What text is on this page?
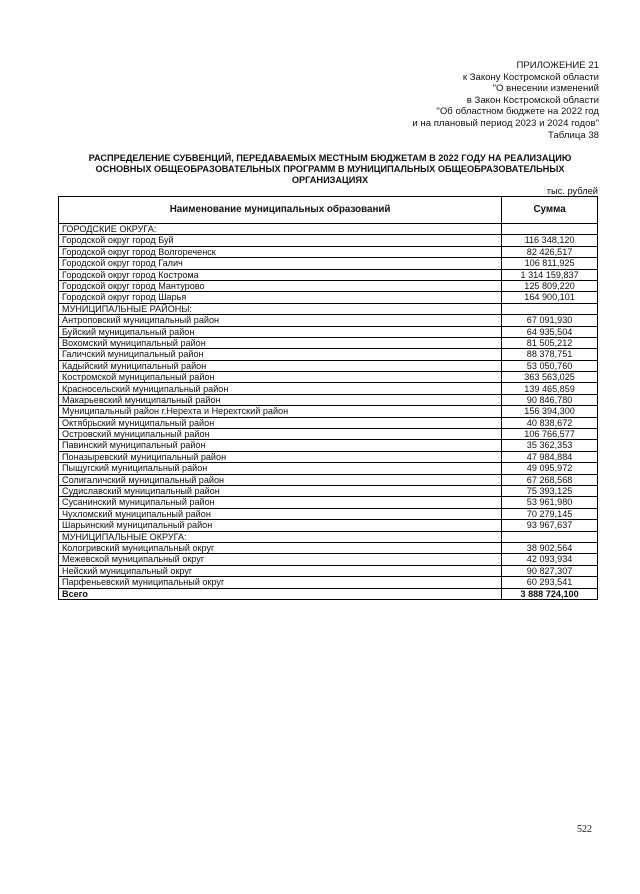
ПРИЛОЖЕНИЕ 21
к Закону Костромской области
"О внесении изменений
в Закон Костромской области
"Об областном бюджете на 2022 год
и на плановый период 2023 и 2024 годов"
Таблица 38
РАСПРЕДЕЛЕНИЕ СУБВЕНЦИЙ, ПЕРЕДАВАЕМЫХ МЕСТНЫМ БЮДЖЕТАМ В 2022 ГОДУ НА РЕАЛИЗАЦИЮ ОСНОВНЫХ ОБЩЕОБРАЗОВАТЕЛЬНЫХ ПРОГРАММ В МУНИЦИПАЛЬНЫХ ОБЩЕОБРАЗОВАТЕЛЬНЫХ ОРГАНИЗАЦИЯХ
тыс. рублей
Наименование муниципальных образований	Сумма
ГОРОДСКИЕ ОКРУГА:	
Городской округ город Буй	116 348,120
Городской округ город Волгореченск	82 426,517
Городской округ город Галич	106 811,925
Городской округ город Кострома	1 314 159,837
Городской округ город Мантурово	125 809,220
Городской округ город Шарья	164 900,101
МУНИЦИПАЛЬНЫЕ РАЙОНЫ:	
Антроповский муниципальный район	67 091,930
Буйский муниципальный район	64 935,504
Вохомский муниципальный район	81 505,212
Галичский муниципальный район	88 378,751
Кадыйский муниципальный район	53 050,760
Костромской муниципальный район	363 563,025
Красносельский муниципальный район	139 465,859
Макарьевский муниципальный район	90 846,780
Муниципальный район г.Нерехта и Нерехтский район	156 394,300
Октябрьский муниципальный район	40 838,672
Островский муниципальный район	106 766,577
Павинский муниципальный район	35 362,353
Поназыревский муниципальный район	47 984,884
Пыщугский муниципальный район	49 095,972
Солигаличский муниципальный район	67 268,568
Судиславский муниципальный район	75 393,125
Сусанинский муниципальный район	53 961,980
Чухломский муниципальный район	70 279,145
Шарьинский муниципальный район	93 967,637
МУНИЦИПАЛЬНЫЕ ОКРУГА:	
Кологривский муниципальный округ	38 902,564
Межевской муниципальный округ	42 093,934
Нейский муниципальный округ	90 827,307
Парфеньевский муниципальный округ	60 293,541
Всего	3 888 724,100
522
